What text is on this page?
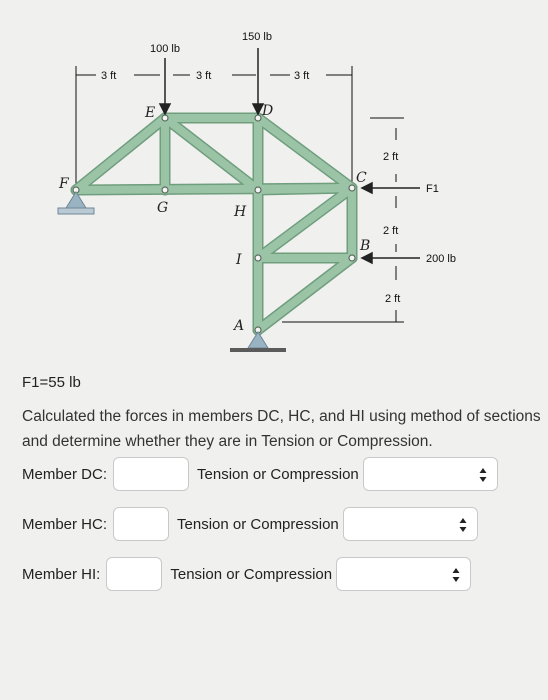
100 lb
150 lb
200 lb
F1
3 ft	3 ft	3 ft
2 ft
2 ft
2 ft
E	D
C
F
G	H
I
B
A
F1=55 lb
Calculated the forces in members DC, HC, and HI using method of sections and determine whether they are in Tension or Compression.
Member DC:	Tension or Compression
Member HC:	Tension or Compression
Member HI:	Tension or Compression
